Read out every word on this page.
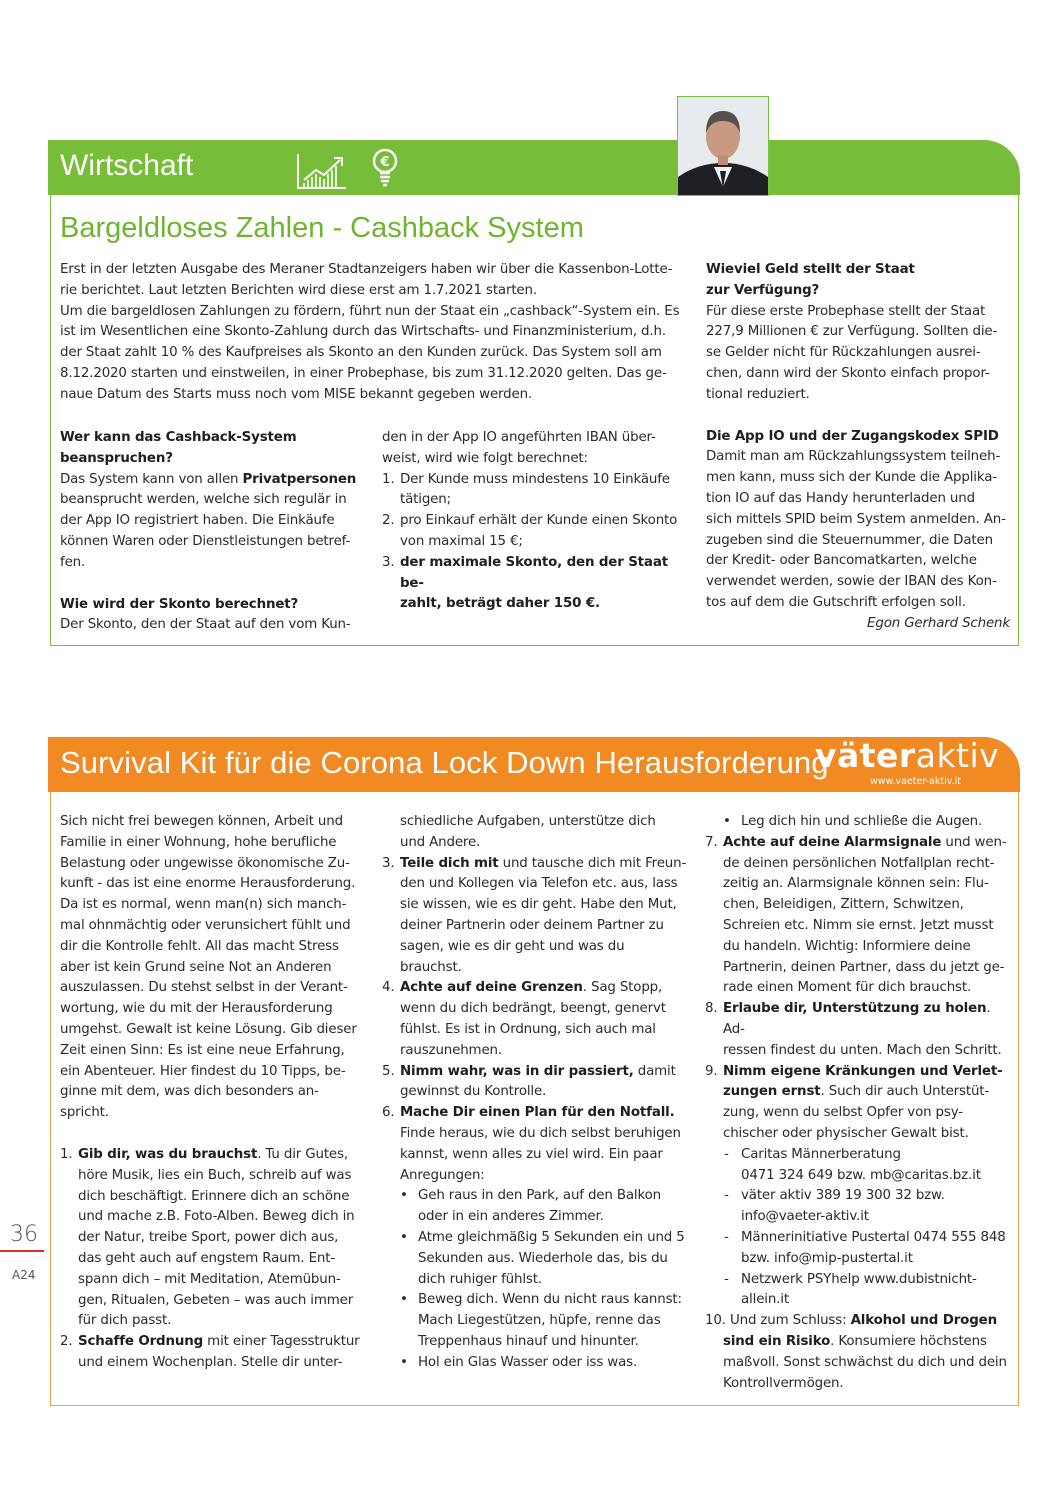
Wirtschaft	€
Bargeldloses Zahlen - Cashback System
Erst in der letzten Ausgabe des Meraner Stadtanzeigers haben wir über die Kassenbon-Lotte-
rie berichtet. Laut letzten Berichten wird diese erst am 1.7.2021 starten.
Um die bargeldlosen Zahlungen zu fördern, führt nun der Staat ein „cashback“-System ein. Es
ist im Wesentlichen eine Skonto-Zahlung durch das Wirtschafts- und Finanzministerium, d.h.
der Staat zahlt 10 % des Kaufpreises als Skonto an den Kunden zurück. Das System soll am
8.12.2020 starten und einstweilen, in einer Probephase, bis zum 31.12.2020 gelten. Das ge-
naue Datum des Starts muss noch vom MISE bekannt gegeben werden.
Wer kann das Cashback-System
beanspruchen?
Das System kann von allen Privatpersonen
beansprucht werden, welche sich regulär in
der App IO registriert haben. Die Einkäufe
können Waren oder Dienstleistungen betref-
fen.
Wie wird der Skonto berechnet?
Der Skonto, den der Staat auf den vom Kun-
den in der App IO angeführten IBAN über-
weist, wird wie folgt berechnet:
1. Der Kunde muss mindestens 10 Einkäufe
tätigen;
2. pro Einkauf erhält der Kunde einen Skonto
von maximal 15 €;
3. der maximale Skonto, den der Staat be-
zahlt, beträgt daher 150 €.
Wieviel Geld stellt der Staat
zur Verfügung?
Für diese erste Probephase stellt der Staat
227,9 Millionen € zur Verfügung. Sollten die-
se Gelder nicht für Rückzahlungen ausrei-
chen, dann wird der Skonto einfach propor-
tional reduziert.
Die App IO und der Zugangskodex SPID
Damit man am Rückzahlungssystem teilneh-
men kann, muss sich der Kunde die Applika-
tion IO auf das Handy herunterladen und
sich mittels SPID beim System anmelden. An-
zugeben sind die Steuernummer, die Daten
der Kredit- oder Bancomatkarten, welche
verwendet werden, sowie der IBAN des Kon-
tos auf dem die Gutschrift erfolgen soll.
Egon Gerhard Schenk
Survival Kit für die Corona Lock Down Herausforderung
väteraktiv
www.vaeter-aktiv.it
Sich nicht frei bewegen können, Arbeit und
Familie in einer Wohnung, hohe berufliche
Belastung oder ungewisse ökonomische Zu-
kunft - das ist eine enorme Herausforderung.
Da ist es normal, wenn man(n) sich manch-
mal ohnmächtig oder verunsichert fühlt und
dir die Kontrolle fehlt. All das macht Stress
aber ist kein Grund seine Not an Anderen
auszulassen. Du stehst selbst in der Verant-
wortung, wie du mit der Herausforderung
umgehst. Gewalt ist keine Lösung. Gib dieser
Zeit einen Sinn: Es ist eine neue Erfahrung,
ein Abenteuer. Hier findest du 10 Tipps, be-
ginne mit dem, was dich besonders an-
spricht.
1. Gib dir, was du brauchst. Tu dir Gutes,
höre Musik, lies ein Buch, schreib auf was
dich beschäftigt. Erinnere dich an schöne
und mache z.B. Foto-Alben. Beweg dich in
der Natur, treibe Sport, power dich aus,
das geht auch auf engstem Raum. Ent-
spann dich – mit Meditation, Atemübun-
gen, Ritualen, Gebeten – was auch immer
für dich passt.
2. Schaffe Ordnung mit einer Tagesstruktur
und einem Wochenplan. Stelle dir unter-
schiedliche Aufgaben, unterstütze dich
und Andere.
3. Teile dich mit und tausche dich mit Freun-
den und Kollegen via Telefon etc. aus, lass
sie wissen, wie es dir geht. Habe den Mut,
deiner Partnerin oder deinem Partner zu
sagen, wie es dir geht und was du
brauchst.
4. Achte auf deine Grenzen. Sag Stopp,
wenn du dich bedrängt, beengt, genervt
fühlst. Es ist in Ordnung, sich auch mal
rauszunehmen.
5. Nimm wahr, was in dir passiert, damit
gewinnst du Kontrolle.
6. Mache Dir einen Plan für den Notfall.
Finde heraus, wie du dich selbst beruhigen
kannst, wenn alles zu viel wird. Ein paar
Anregungen:
• Geh raus in den Park, auf den Balkon
oder in ein anderes Zimmer.
• Atme gleichmäßig 5 Sekunden ein und 5
Sekunden aus. Wiederhole das, bis du
dich ruhiger fühlst.
• Beweg dich. Wenn du nicht raus kannst:
Mach Liegestützen, hüpfe, renne das
Treppenhaus hinauf und hinunter.
• Hol ein Glas Wasser oder iss was.
• Leg dich hin und schließe die Augen.
7. Achte auf deine Alarmsignale und wen-
de deinen persönlichen Notfallplan recht-
zeitig an. Alarmsignale können sein: Flu-
chen, Beleidigen, Zittern, Schwitzen,
Schreien etc. Nimm sie ernst. Jetzt musst
du handeln. Wichtig: Informiere deine
Partnerin, deinen Partner, dass du jetzt ge-
rade einen Moment für dich brauchst.
8. Erlaube dir, Unterstützung zu holen. Ad-
ressen findest du unten. Mach den Schritt.
9. Nimm eigene Kränkungen und Verlet-
zungen ernst. Such dir auch Unterstüt-
zung, wenn du selbst Opfer von psy-
chischer oder physischer Gewalt bist.
- Caritas Männerberatung
0471 324 649 bzw. mb@caritas.bz.it
- väter aktiv 389 19 300 32 bzw.
info@vaeter-aktiv.it
- Männerinitiative Pustertal 0474 555 848
bzw. info@mip-pustertal.it
- Netzwerk PSYhelp www.dubistnicht-
allein.it
10. Und zum Schluss: Alkohol und Drogen
sind ein Risiko. Konsumiere höchstens
maßvoll. Sonst schwächst du dich und dein
Kontrollvermögen.
36
A24
